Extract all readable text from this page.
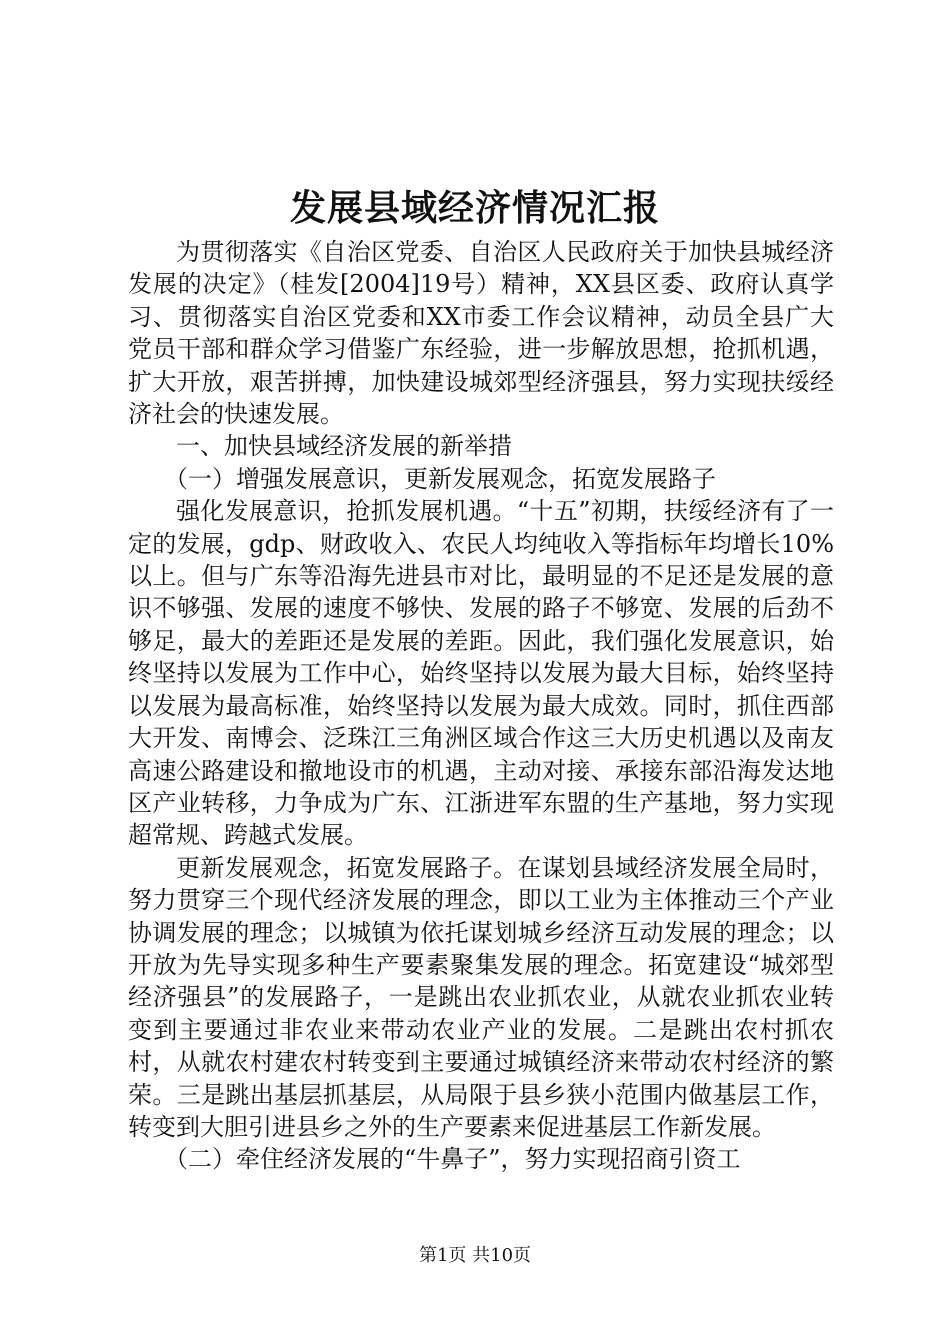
发展县域经济情况汇报

为贯彻落实《自治区党委、自治区人民政府关于加快县城经济发展的决定》（桂发[2004]19号）精神，XX县区委、政府认真学习、贯彻落实自治区党委和XX市委工作会议精神，动员全县广大党员干部和群众学习借鉴广东经验，进一步解放思想，抢抓机遇，扩大开放，艰苦拼搏，加快建设城郊型经济强县，努力实现扶绥经济社会的快速发展。

一、加快县域经济发展的新举措

（一）增强发展意识，更新发展观念，拓宽发展路子

强化发展意识，抢抓发展机遇。“十五”初期，扶绥经济有了一定的发展，gdp、财政收入、农民人均纯收入等指标年均增长10%以上。但与广东等沿海先进县市对比，最明显的不足还是发展的意识不够强、发展的速度不够快、发展的路子不够宽、发展的后劲不够足，最大的差距还是发展的差距。因此，我们强化发展意识，始终坚持以发展为工作中心，始终坚持以发展为最大目标，始终坚持以发展为最高标准，始终坚持以发展为最大成效。同时，抓住西部大开发、南博会、泛珠江三角洲区域合作这三大历史机遇以及南友高速公路建设和撤地设市的机遇，主动对接、承接东部沿海发达地区产业转移，力争成为广东、江浙进军东盟的生产基地，努力实现超常规、跨越式发展。

更新发展观念，拓宽发展路子。在谋划县域经济发展全局时，努力贯穿三个现代经济发展的理念，即以工业为主体推动三个产业协调发展的理念；以城镇为依托谋划城乡经济互动发展的理念；以开放为先导实现多种生产要素聚集发展的理念。拓宽建设“城郊型经济强县”的发展路子，一是跳出农业抓农业，从就农业抓农业转变到主要通过非农业来带动农业产业的发展。二是跳出农村抓农村，从就农村建农村转变到主要通过城镇经济来带动农村经济的繁荣。三是跳出基层抓基层，从局限于县乡狭小范围内做基层工作，转变到大胆引进县乡之外的生产要素来促进基层工作新发展。

（二）牵住经济发展的“牛鼻子”，努力实现招商引资工

第1页 共10页
